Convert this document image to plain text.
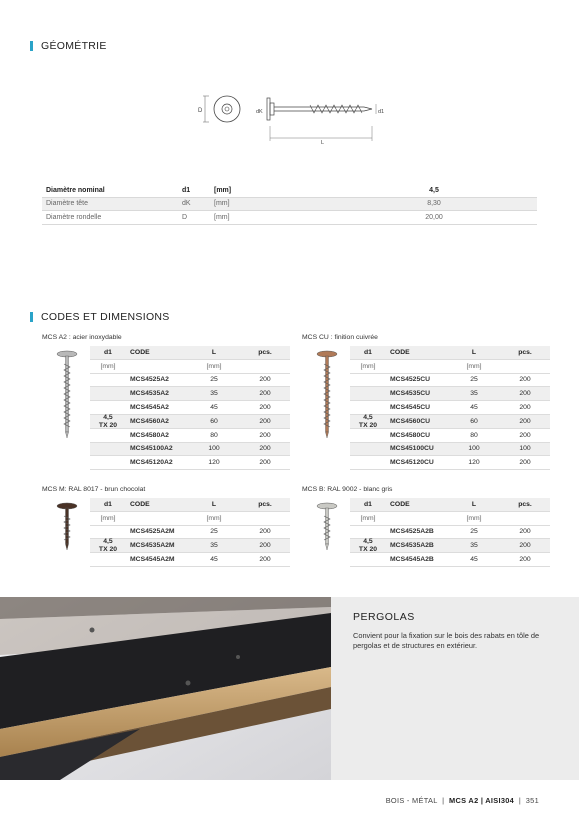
GÉOMÉTRIE
D	dK	d1
L
Diamètre nominal	d1	[mm]	4,5
Diamètre tête	dK	[mm]	8,30
Diamètre rondelle	D	[mm]	20,00
CODES ET DIMENSIONS
MCS A2 : acier inoxydable
d1	CODE	L	pcs.
[mm]	[mm]
MCS4525A2	25	200
MCS4535A2	35	200
MCS4545A2	45	200
MCS4560A2	60	200
MCS4580A2	80	200
MCS45100A2	100	200
MCS45120A2	120	200
4,5
TX 20
MCS CU : finition cuivrée
d1	CODE	L	pcs.
[mm]	[mm]
MCS4525CU	25	200
MCS4535CU	35	200
MCS4545CU	45	200
MCS4560CU	60	200
MCS4580CU	80	200
MCS45100CU	100	100
MCS45120CU	120	200
4,5
TX 20
MCS M: RAL 8017 - brun chocolat
d1	CODE	L	pcs.
[mm]	[mm]
MCS4525A2M	25	200
MCS4535A2M	35	200
MCS4545A2M	45	200
4,5
TX 20
MCS B: RAL 9002 - blanc gris
d1	CODE	L	pcs.
[mm]	[mm]
MCS4525A2B	25	200
MCS4535A2B	35	200
MCS4545A2B	45	200
4,5
TX 20
PERGOLAS
Convient pour la fixation sur le bois des rabats en tôle de pergolas et de structures en extérieur.
BOIS - MÉTAL | MCS A2 | AISI304 | 351
